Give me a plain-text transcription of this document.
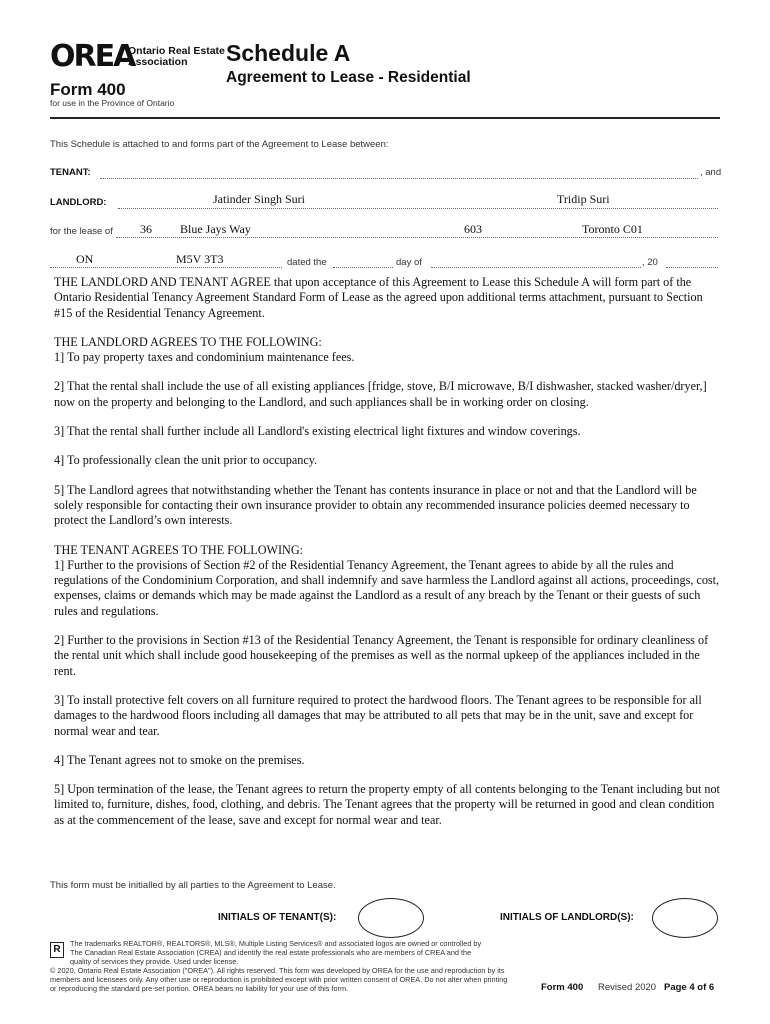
OREA
Ontario Real Estate
Association
Form 400
for use in the Province of Ontario
Schedule A
Agreement to Lease - Residential
This Schedule is attached to and forms part of the Agreement to Lease between:
TENANT:	, and
LANDLORD:	Jatinder Singh Suri	Tridip Suri
for the lease of 36 Blue Jays Way	603	Toronto C01
ON	M5V 3T3	dated the	day of	, 20

THE LANDLORD AND TENANT AGREE that upon acceptance of this Agreement to Lease this Schedule A will form part of the Ontario Residential Tenancy Agreement Standard Form of Lease as the agreed upon additional terms attachment, pursuant to Section #15 of the Residential Tenancy Agreement.

THE LANDLORD AGREES TO THE FOLLOWING:

1] To pay property taxes and condominium maintenance fees.

2] That the rental shall include the use of all existing appliances [fridge, stove, B/I microwave, B/I dishwasher, stacked washer/dryer,] now on the property and belonging to the Landlord, and such appliances shall be in working order on closing.

3] That the rental shall further include all Landlord's existing electrical light fixtures and window coverings.

4] To professionally clean the unit prior to occupancy.

5] The Landlord agrees that notwithstanding whether the Tenant has contents insurance in place or not and that the Landlord will be solely responsible for contacting their own insurance provider to obtain any recommended insurance policies deemed necessary to protect the Landlord’s own interests.

THE TENANT AGREES TO THE FOLLOWING:

1] Further to the provisions of Section #2 of the Residential Tenancy Agreement, the Tenant agrees to abide by all the rules and regulations of the Condominium Corporation, and shall indemnify and save harmless the Landlord against all actions, proceedings, cost, expenses, claims or demands which may be made against the Landlord as a result of any breach by the Tenant or their guests of such rules and regulations.

2] Further to the provisions in Section #13 of the Residential Tenancy Agreement, the Tenant is responsible for ordinary cleanliness of the rental unit which shall include good housekeeping of the premises as well as the normal upkeep of the appliances included in the rent.

3] To install protective felt covers on all furniture required to protect the hardwood floors. The Tenant agrees to be responsible for all damages to the hardwood floors including all damages that may be attributed to all pets that may be in the unit, save and except for normal wear and tear.

4] The Tenant agrees not to smoke on the premises.

5] Upon termination of the lease, the Tenant agrees to return the property empty of all contents belonging to the Tenant including but not limited to, furniture, dishes, food, clothing, and debris. The Tenant agrees that the property will be returned in good and clean condition as at the commencement of the lease, save and except for normal wear and tear.

This form must be initialled by all parties to the Agreement to Lease.
INITIALS OF TENANT(S):	INITIALS OF LANDLORD(S):
R
The trademarks REALTOR®, REALTORS®, MLS®, Multiple Listing Services® and associated logos are owned or controlled by The Canadian Real Estate Association (CREA) and identify the real estate professionals who are members of CREA and the quality of services they provide. Used under license.
© 2020, Ontario Real Estate Association ("OREA"). All rights reserved. This form was developed by OREA for the use and reproduction by its members and licensees only. Any other use or reproduction is prohibited except with prior written consent of OREA. Do not alter when printing or reproducing the standard pre-set portion. OREA bears no liability for your use of this form.	Form 400 Revised 2020 Page 4 of 6
